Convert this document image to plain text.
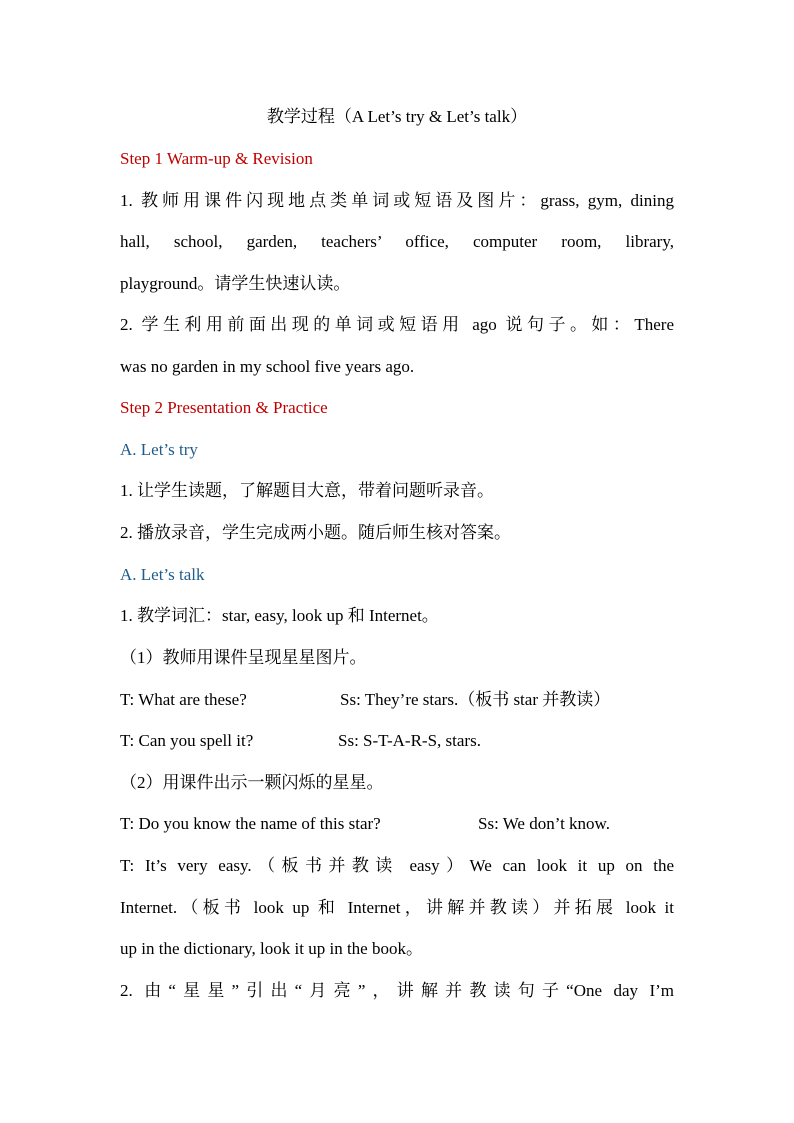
教学过程（A Let’s try & Let’s talk）
Step 1 Warm-up & Revision
1. 教师用课件闪现地点类单词或短语及图片：grass, gym, dining
hall, school, garden, teachers’ office, computer room, library,
playground。请学生快速认读。
2. 学生利用前面出现的单词或短语用 ago 说句子。如：There
was no garden in my school five years ago.
Step 2 Presentation & Practice
A. Let’s try
1. 让学生读题，了解题目大意，带着问题听录音。
2. 播放录音，学生完成两小题。随后师生核对答案。
A. Let’s talk
1. 教学词汇：star, easy, look up 和 Internet。
（1）教师用课件呈现星星图片。
T: What are these?	Ss: They’re stars.（板书 star 并教读）
T: Can you spell it?	Ss: S-T-A-R-S, stars.
（2）用课件出示一颗闪烁的星星。
T: Do you know the name of this star?	Ss: We don’t know.
T: It’s very easy.（板书并教读 easy）We can look it up on the
Internet.（板书 look up 和 Internet，讲解并教读）并拓展 look it
up in the dictionary, look it up in the book。
2. 由“星星”引出“月亮”，讲解并教读句子“One day I’m
